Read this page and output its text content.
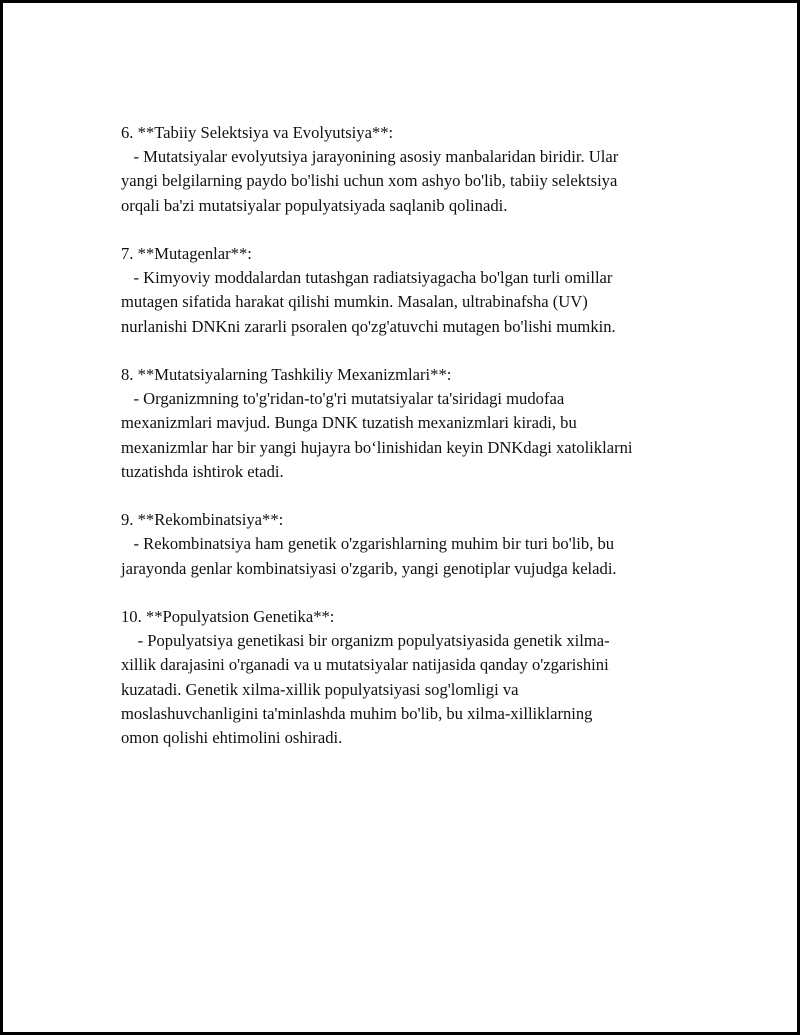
6. **Tabiiy Selektsiya va Evolyutsiya**:
- Mutatsiyalar evolyutsiya jarayonining asosiy manbalaridan biridir. Ular
yangi belgilarning paydo bo'lishi uchun xom ashyo bo'lib, tabiiy selektsiya
orqali ba'zi mutatsiyalar populyatsiyada saqlanib qolinadi.
7. **Mutagenlar**:
- Kimyoviy moddalardan tutashgan radiatsiyagacha bo'lgan turli omillar
mutagen sifatida harakat qilishi mumkin. Masalan, ultrabinafsha (UV)
nurlanishi DNKni zararli psoralen qo'zg'atuvchi mutagen bo'lishi mumkin.
8. **Mutatsiyalarning Tashkiliy Mexanizmlari**:
- Organizmning to'g'ridan-to'g'ri mutatsiyalar ta'siridagi mudofaa
mexanizmlari mavjud. Bunga DNK tuzatish mexanizmlari kiradi, bu
mexanizmlar har bir yangi hujayra bo‘linishidan keyin DNKdagi xatoliklarni
tuzatishda ishtirok etadi.
9. **Rekombinatsiya**:
- Rekombinatsiya ham genetik o'zgarishlarning muhim bir turi bo'lib, bu
jarayonda genlar kombinatsiyasi o'zgarib, yangi genotiplar vujudga keladi.
10. **Populyatsion Genetika**:
- Populyatsiya genetikasi bir organizm populyatsiyasida genetik xilma-
xillik darajasini o'rganadi va u mutatsiyalar natijasida qanday o'zgarishini
kuzatadi. Genetik xilma-xillik populyatsiyasi sog'lomligi va
moslashuvchanligini ta'minlashda muhim bo'lib, bu xilma-xilliklarning
omon qolishi ehtimolini oshiradi.
